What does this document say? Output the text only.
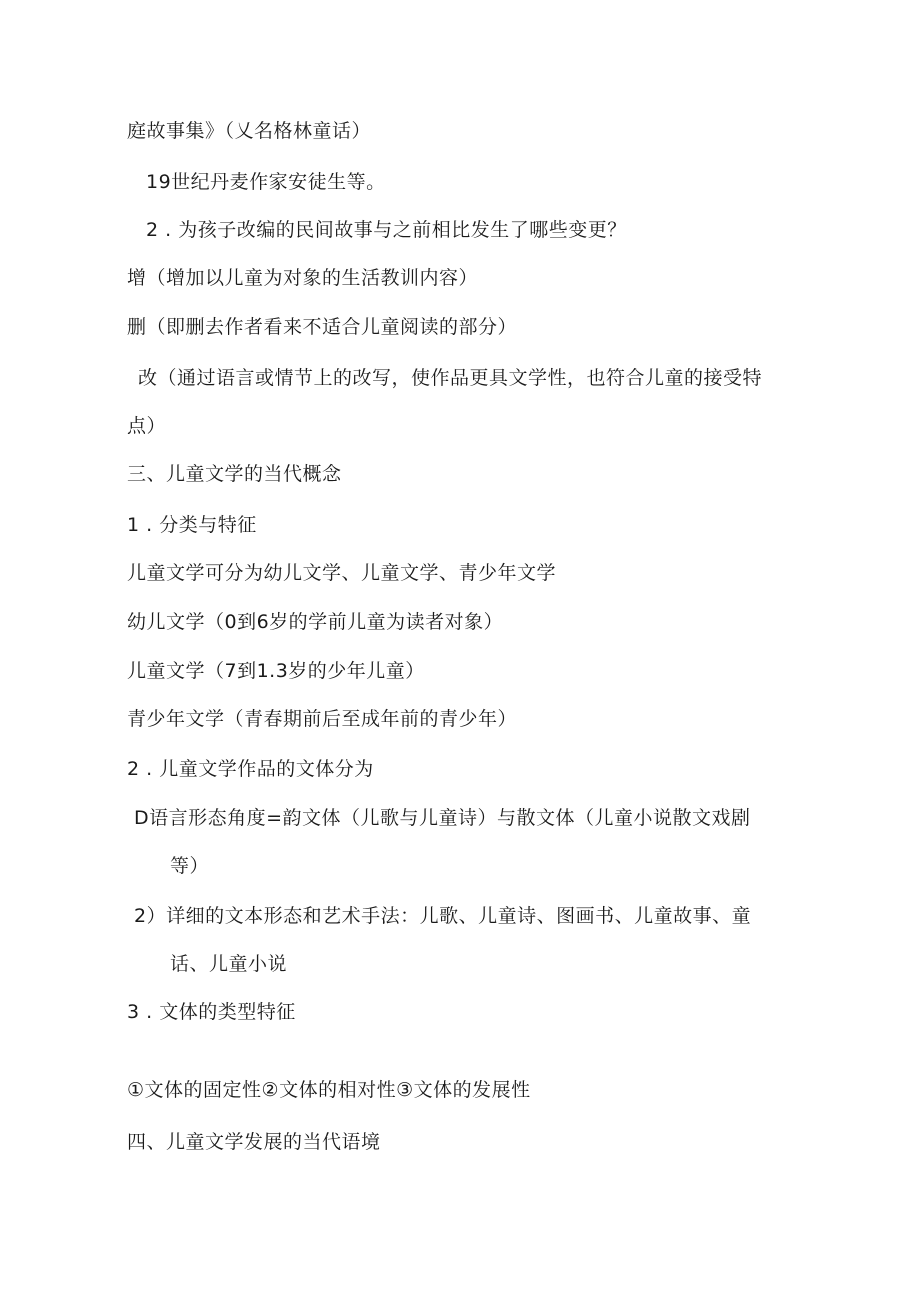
庭故事集》（乂名格林童话）
19世纪丹麦作家安徒生等。
2 . 为孩子改编的民间故事与之前相比发生了哪些变更？
增（增加以儿童为对象的生活教训内容）
删（即删去作者看来不适合儿童阅读的部分）
改（通过语言或情节上的改写，使作品更具文学性，也符合儿童的接受特
点）
三、儿童文学的当代概念
1 . 分类与特征
儿童文学可分为幼儿文学、儿童文学、青少年文学
幼儿文学（0到6岁的学前儿童为读者对象）
儿童文学（7到1.3岁的少年儿童）
青少年文学（青春期前后至成年前的青少年）
2 . 儿童文学作品的文体分为
D语言形态角度=韵文体（儿歌与儿童诗）与散文体（儿童小说散文戏剧
等）
2）详细的文本形态和艺术手法：儿歌、儿童诗、图画书、儿童故事、童
话、儿童小说
3 . 文体的类型特征
①文体的固定性②文体的相对性③文体的发展性
四、儿童文学发展的当代语境
